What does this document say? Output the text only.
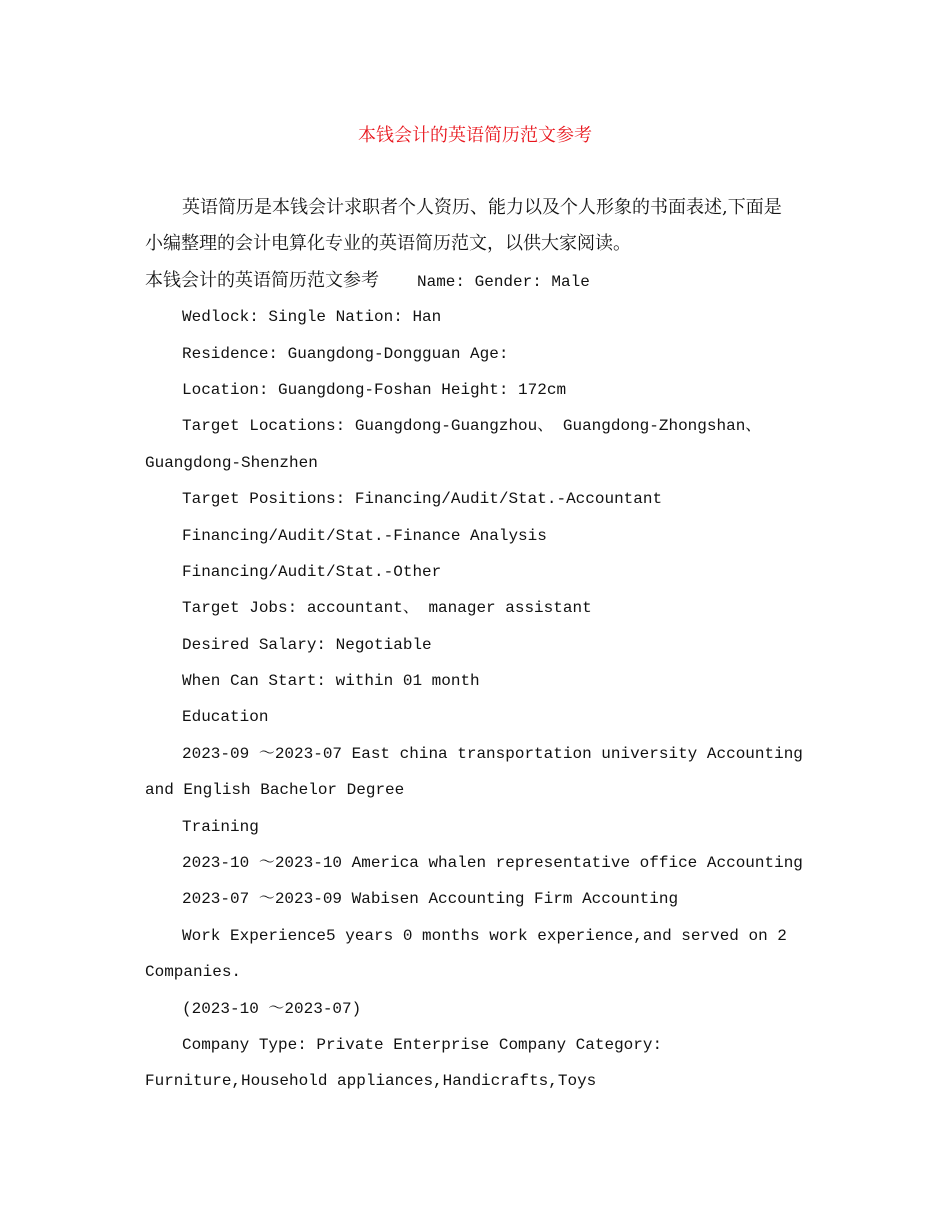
本钱会计的英语简历范文参考
英语简历是本钱会计求职者个人资历、能力以及个人形象的书面表述,下面是
小编整理的会计电算化专业的英语简历范文，以供大家阅读。
本钱会计的英语简历范文参考 Name: Gender: Male
Wedlock: Single Nation: Han
Residence: Guangdong-Dongguan Age:
Location: Guangdong-Foshan Height: 172cm
Target Locations: Guangdong-Guangzhou、 Guangdong-Zhongshan、
Guangdong-Shenzhen
Target Positions: Financing/Audit/Stat.-Accountant
Financing/Audit/Stat.-Finance Analysis
Financing/Audit/Stat.-Other
Target Jobs: accountant、 manager assistant
Desired Salary: Negotiable
When Can Start: within 01 month
Education
2023-09 ～2023-07 East china transportation university Accounting
and English Bachelor Degree
Training
2023-10 ～2023-10 America whalen representative office Accounting
2023-07 ～2023-09 Wabisen Accounting Firm Accounting
Work Experience5 years 0 months work experience,and served on 2
Companies.
(2023-10 ～2023-07)
Company Type: Private Enterprise Company Category:
Furniture,Household appliances,Handicrafts,Toys
